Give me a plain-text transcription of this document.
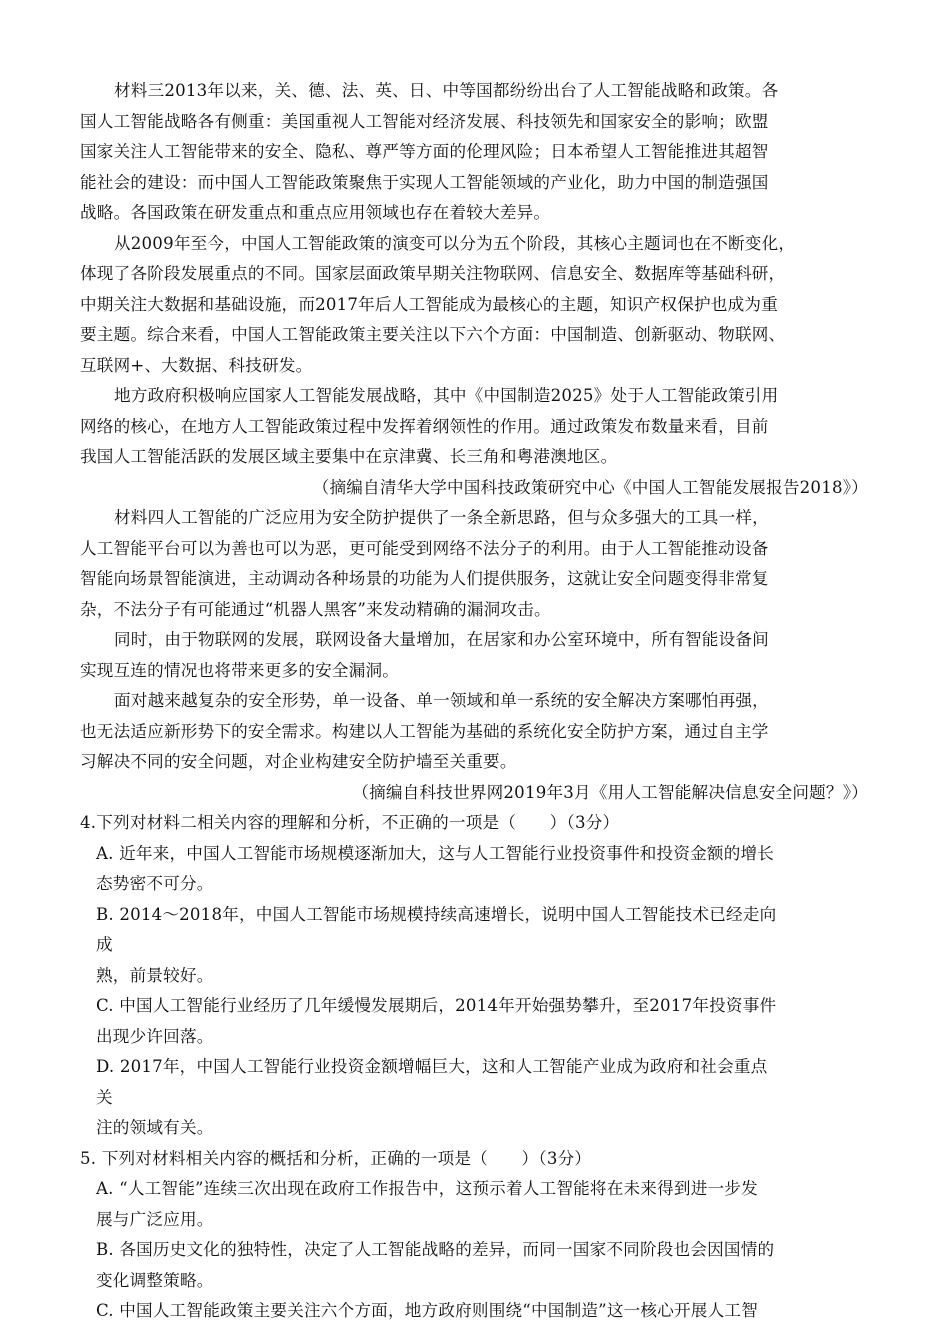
材料三2013年以来，关、德、法、英、日、中等国都纷纷出台了人工智能战略和政策。各
国人工智能战略各有侧重：美国重视人工智能对经济发展、科技领先和国家安全的影响；欧盟
国家关注人工智能带来的安全、隐私、尊严等方面的伦理风险；日本希望人工智能推进其超智
能社会的建设：而中国人工智能政策聚焦于实现人工智能领域的产业化，助力中国的制造强国
战略。各国政策在研发重点和重点应用领域也存在着较大差异。
从2009年至今，中国人工智能政策的演变可以分为五个阶段，其核心主题词也在不断变化，
体现了各阶段发展重点的不同。国家层面政策早期关注物联网、信息安全、数据库等基础科研，
中期关注大数据和基础设施，而2017年后人工智能成为最核心的主题，知识产权保护也成为重
要主题。综合来看，中国人工智能政策主要关注以下六个方面：中国制造、创新驱动、物联网、
互联网+、大数据、科技研发。
地方政府积极响应国家人工智能发展战略，其中《中国制造2025》处于人工智能政策引用
网络的核心，在地方人工智能政策过程中发挥着纲领性的作用。通过政策发布数量来看，目前
我国人工智能活跃的发展区域主要集中在京津冀、长三角和粤港澳地区。
（摘编自清华大学中国科技政策研究中心《中国人工智能发展报告2018》）
材料四人工智能的广泛应用为安全防护提供了一条全新思路，但与众多强大的工具一样，
人工智能平台可以为善也可以为恶，更可能受到网络不法分子的利用。由于人工智能推动设备
智能向场景智能演进，主动调动各种场景的功能为人们提供服务，这就让安全问题变得非常复
杂，不法分子有可能通过“机器人黑客”来发动精确的漏洞攻击。
同时，由于物联网的发展，联网设备大量增加，在居家和办公室环境中，所有智能设备间
实现互连的情况也将带来更多的安全漏洞。
面对越来越复杂的安全形势，单一设备、单一领域和单一系统的安全解决方案哪怕再强，
也无法适应新形势下的安全需求。构建以人工智能为基础的系统化安全防护方案，通过自主学
习解决不同的安全问题，对企业构建安全防护墙至关重要。
（摘编自科技世界网2019年3月《用人工智能解决信息安全问题？》）
4.下列对材料二相关内容的理解和分析，不正确的一项是（　　）（3分）
A. 近年来，中国人工智能市场规模逐渐加大，这与人工智能行业投资事件和投资金额的增长
态势密不可分。
B. 2014～2018年，中国人工智能市场规模持续高速增长，说明中国人工智能技术已经走向
成
熟，前景较好。
C. 中国人工智能行业经历了几年缓慢发展期后，2014年开始强势攀升，至2017年投资事件
出现少许回落。
D. 2017年，中国人工智能行业投资金额增幅巨大，这和人工智能产业成为政府和社会重点
关
注的领域有关。
5. 下列对材料相关内容的概括和分析，正确的一项是（　　）（3分）
A. “人工智能”连续三次出现在政府工作报告中，这预示着人工智能将在未来得到进一步发
展与广泛应用。
B. 各国历史文化的独特性，决定了人工智能战略的差异，而同一国家不同阶段也会因国情的
变化调整策略。
C. 中国人工智能政策主要关注六个方面，地方政府则围绕“中国制造”这一核心开展人工智
